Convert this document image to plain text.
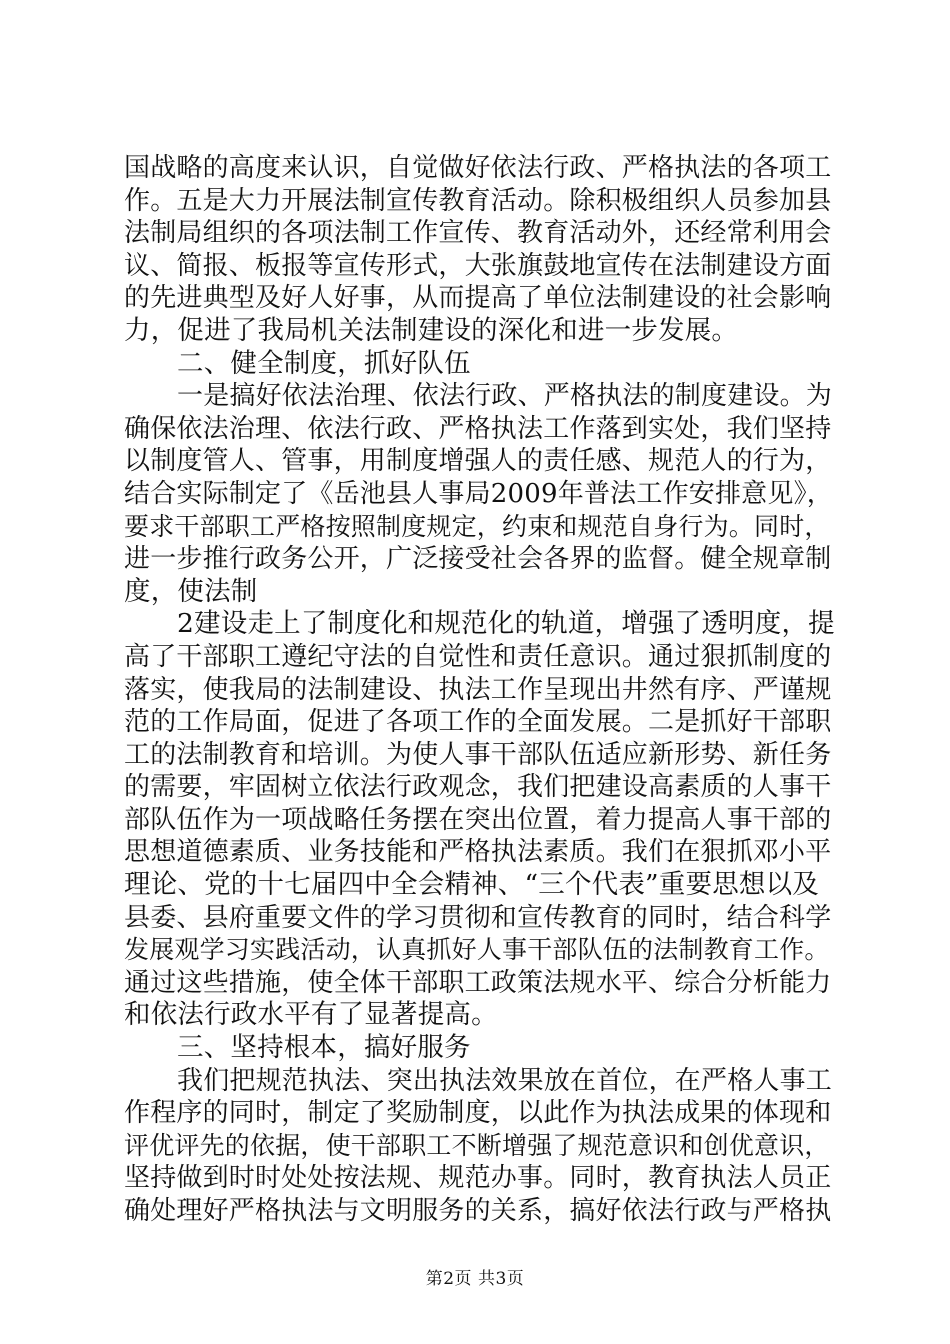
国战略的高度来认识，自觉做好依法行政、严格执法的各项工
作。五是大力开展法制宣传教育活动。除积极组织人员参加县
法制局组织的各项法制工作宣传、教育活动外，还经常利用会
议、简报、板报等宣传形式，大张旗鼓地宣传在法制建设方面
的先进典型及好人好事，从而提高了单位法制建设的社会影响
力，促进了我局机关法制建设的深化和进一步发展。
二、健全制度，抓好队伍
一是搞好依法治理、依法行政、严格执法的制度建设。为
确保依法治理、依法行政、严格执法工作落到实处，我们坚持
以制度管人、管事，用制度增强人的责任感、规范人的行为，
结合实际制定了《岳池县人事局2009年普法工作安排意见》，
要求干部职工严格按照制度规定，约束和规范自身行为。同时，
进一步推行政务公开，广泛接受社会各界的监督。健全规章制
度，使法制
2建设走上了制度化和规范化的轨道，增强了透明度，提
高了干部职工遵纪守法的自觉性和责任意识。通过狠抓制度的
落实，使我局的法制建设、执法工作呈现出井然有序、严谨规
范的工作局面，促进了各项工作的全面发展。二是抓好干部职
工的法制教育和培训。为使人事干部队伍适应新形势、新任务
的需要，牢固树立依法行政观念，我们把建设高素质的人事干
部队伍作为一项战略任务摆在突出位置，着力提高人事干部的
思想道德素质、业务技能和严格执法素质。我们在狠抓邓小平
理论、党的十七届四中全会精神、“三个代表”重要思想以及
县委、县府重要文件的学习贯彻和宣传教育的同时，结合科学
发展观学习实践活动，认真抓好人事干部队伍的法制教育工作。
通过这些措施，使全体干部职工政策法规水平、综合分析能力
和依法行政水平有了显著提高。
三、坚持根本，搞好服务
我们把规范执法、突出执法效果放在首位，在严格人事工
作程序的同时，制定了奖励制度，以此作为执法成果的体现和
评优评先的依据，使干部职工不断增强了规范意识和创优意识，
坚持做到时时处处按法规、规范办事。同时，教育执法人员正
确处理好严格执法与文明服务的关系，搞好依法行政与严格执
第2页 共3页
